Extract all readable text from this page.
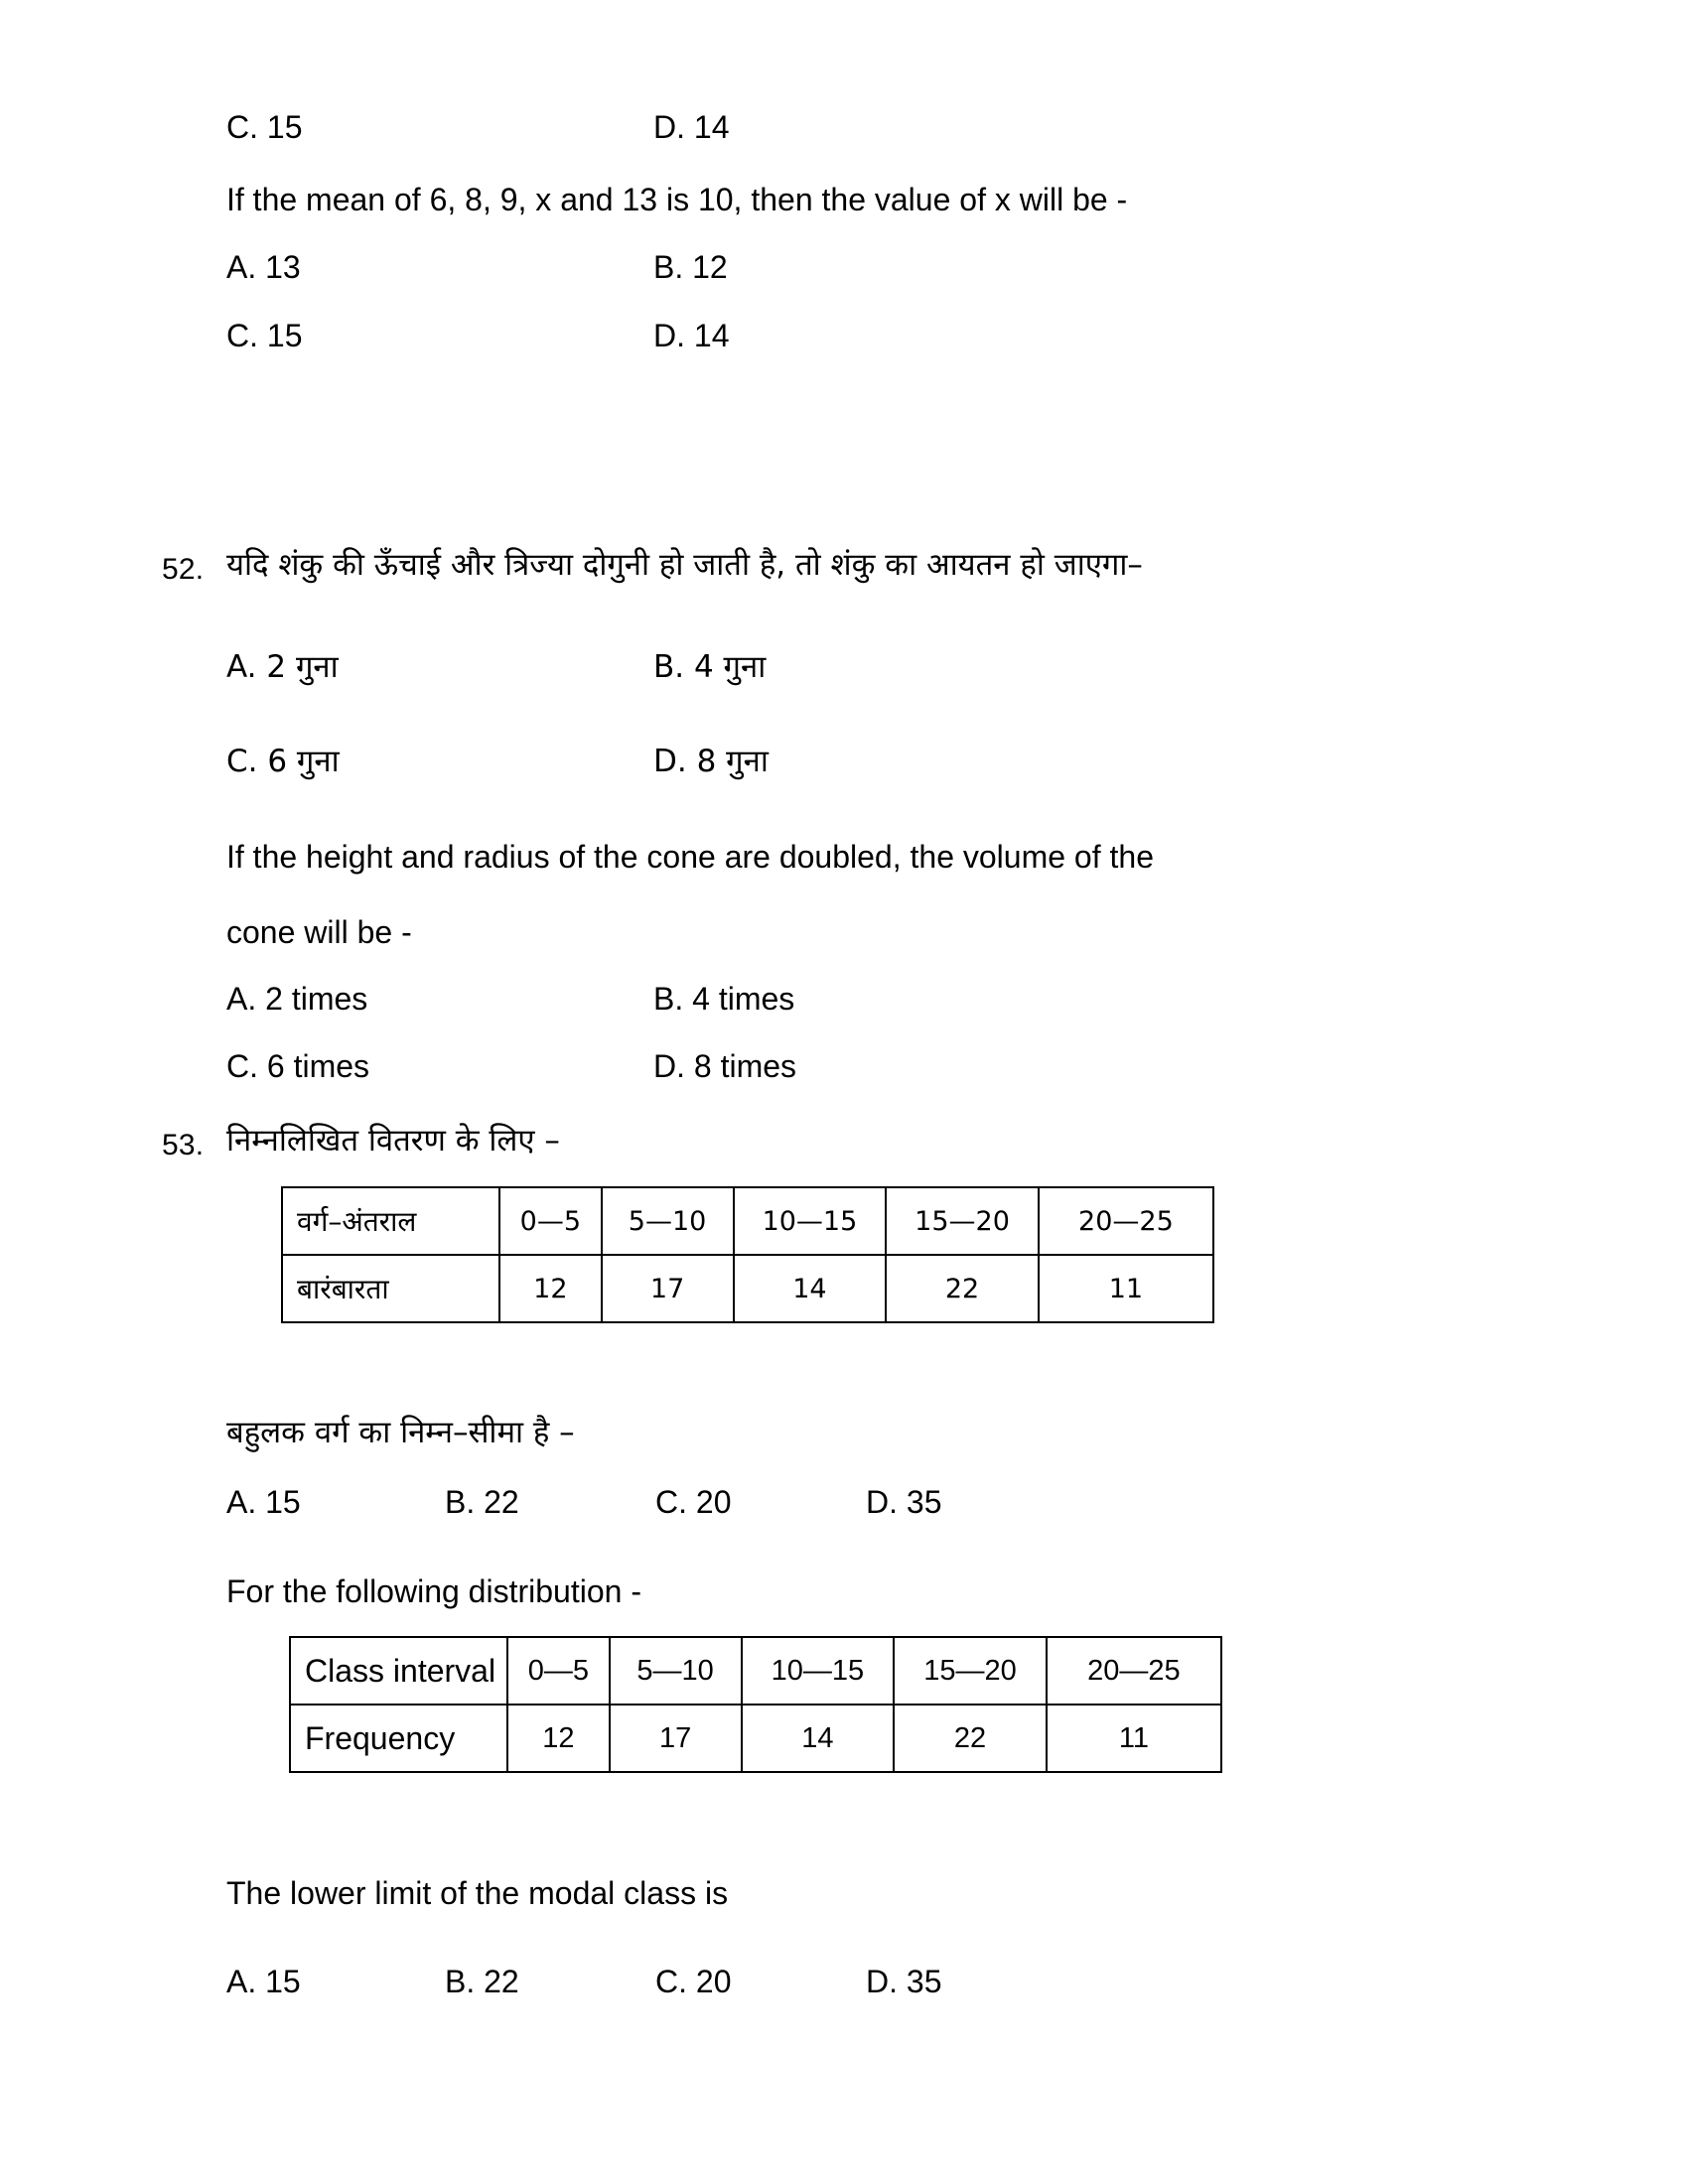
C. 15	D. 14
If the mean of 6, 8, 9, x and 13 is 10, then the value of x will be -
A. 13	B. 12
C. 15	D. 14
52. यदि शंकु की ऊँचाई और त्रिज्या दोगुनी हो जाती है, तो शंकु का आयतन हो जाएगा–
A. 2 गुना	B. 4 गुना
C. 6 गुना	D. 8 गुना
If the height and radius of the cone are doubled, the volume of the
cone will be -
A. 2 times	B. 4 times
C. 6 times	D. 8 times
53. निम्नलिखित वितरण के लिए –
वर्ग–अंतराल	0—5	5—10	10—15	15—20	20—25
बारंबारता	12	17	14	22	11
बहुलक वर्ग का निम्न–सीमा है –
A. 15	B. 22	C. 20	D. 35
For the following distribution -
Class interval	0—5	5—10	10—15	15—20	20—25
Frequency	12	17	14	22	11
The lower limit of the modal class is
A. 15	B. 22	C. 20	D. 35
